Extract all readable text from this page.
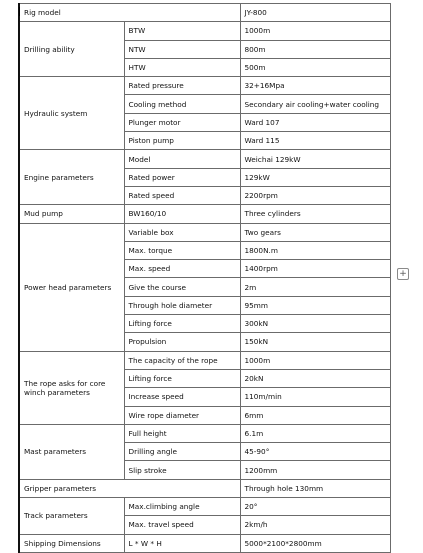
Rig model		JY-800
Drilling ability	BTW	1000m
	NTW	800m
	HTW	500m
Hydraulic system	Rated pressure	32+16Mpa
	Cooling method	Secondary air cooling+water cooling
	Plunger motor	Ward 107
	Piston pump	Ward 115
Engine parameters	Model	Weichai 129kW
	Rated power	129kW
	Rated speed	2200rpm
Mud pump	BW160/10	Three cylinders
Power head parameters	Variable box	Two gears
	Max. torque	1800N.m
	Max. speed	1400rpm
	Give the course	2m
	Through hole diameter	95mm
	Lifting force	300kN
	Propulsion	150kN
The rope asks for core winch parameters	The capacity of the rope	1000m
	Lifting force	20kN
	Increase speed	110m/min
	Wire rope diameter	6mm
Mast parameters	Full height	6.1m
	Drilling angle	45-90°
	Slip stroke	1200mm
Gripper parameters		Through hole 130mm
Track parameters	Max.climbing angle	20°
	Max. travel speed	2km/h
Shipping Dimensions	L * W * H	5000*2100*2800mm
+
